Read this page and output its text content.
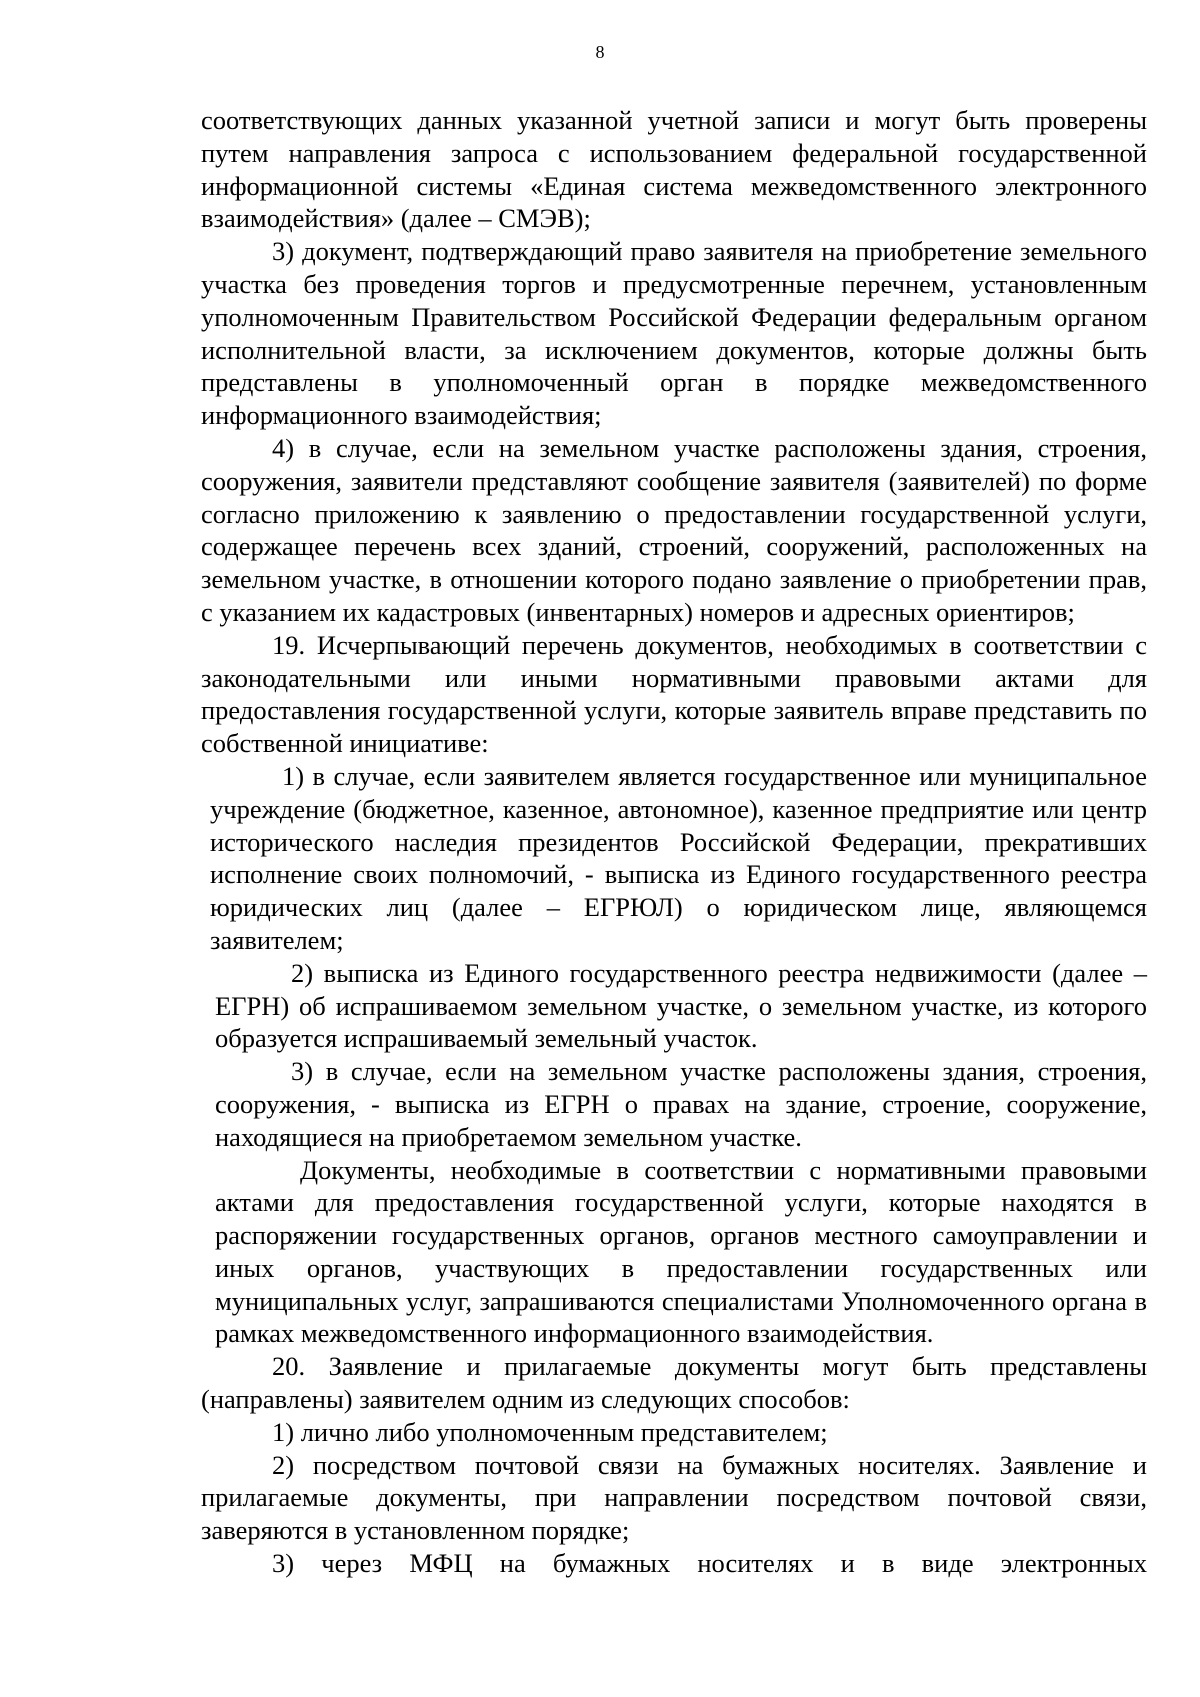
8

соответствующих данных указанной учетной записи и могут быть проверены путем направления запроса с использованием федеральной государственной информационной системы «Единая система межведомственного электронного взаимодействия» (далее – СМЭВ);

3) документ, подтверждающий право заявителя на приобретение земельного участка без проведения торгов и предусмотренные перечнем, установленным уполномоченным Правительством Российской Федерации федеральным органом исполнительной власти, за исключением документов, которые должны быть представлены в уполномоченный орган в порядке межведомственного информационного взаимодействия;

4) в случае, если на земельном участке расположены здания, строения, сооружения, заявители представляют сообщение заявителя (заявителей) по форме согласно приложению к заявлению о предоставлении государственной услуги, содержащее перечень всех зданий, строений, сооружений, расположенных на земельном участке, в отношении которого подано заявление о приобретении прав, с указанием их кадастровых (инвентарных) номеров и адресных ориентиров;

19. Исчерпывающий перечень документов, необходимых в соответствии с законодательными или иными нормативными правовыми актами для предоставления государственной услуги, которые заявитель вправе представить по собственной инициативе:

1) в случае, если заявителем является государственное или муниципальное учреждение (бюджетное, казенное, автономное), казенное предприятие или центр исторического наследия президентов Российской Федерации, прекративших исполнение своих полномочий, - выписка из Единого государственного реестра юридических лиц (далее – ЕГРЮЛ) о юридическом лице, являющемся заявителем;

2) выписка из Единого государственного реестра недвижимости (далее – ЕГРН) об испрашиваемом земельном участке, о земельном участке, из которого образуется испрашиваемый земельный участок.

3) в случае, если на земельном участке расположены здания, строения, сооружения, - выписка из ЕГРН о правах на здание, строение, сооружение, находящиеся на приобретаемом земельном участке.

Документы, необходимые в соответствии с нормативными правовыми актами для предоставления государственной услуги, которые находятся в распоряжении государственных органов, органов местного самоуправлении и иных органов, участвующих в предоставлении государственных или муниципальных услуг, запрашиваются специалистами Уполномоченного органа в рамках межведомственного информационного взаимодействия.

20. Заявление и прилагаемые документы могут быть представлены (направлены) заявителем одним из следующих способов:

1) лично либо уполномоченным представителем;

2) посредством почтовой связи на бумажных носителях. Заявление и прилагаемые документы, при направлении посредством почтовой связи, заверяются в установленном порядке;

3) через МФЦ на бумажных носителях и в виде электронных
